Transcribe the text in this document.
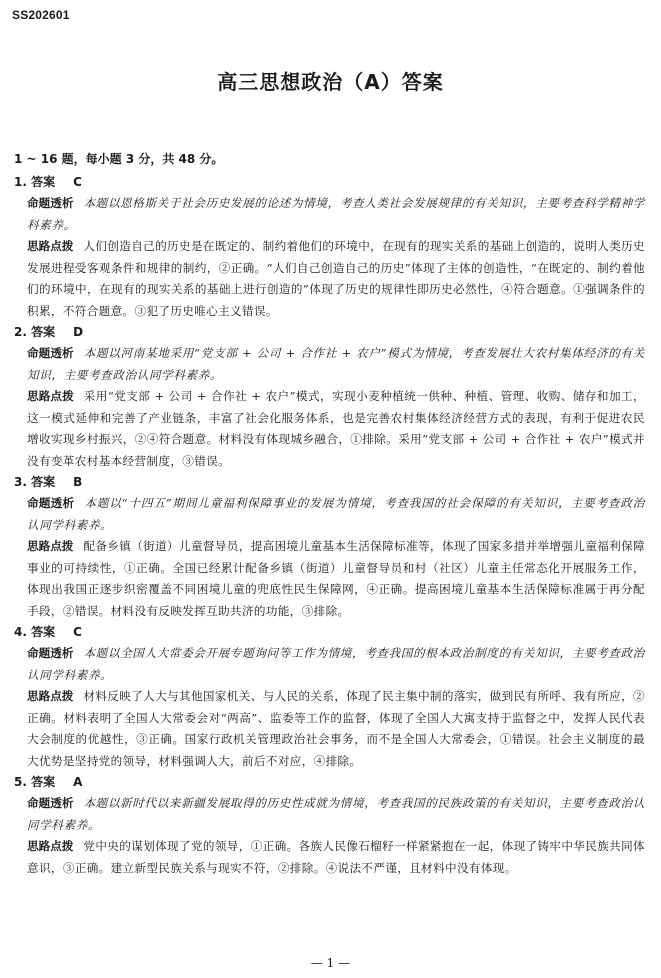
SS202601
高三思想政治（A）答案
1 ~ 16 题，每小题 3 分，共 48 分。
1. 答案 C
命题透析 本题以恩格斯关于社会历史发展的论述为情境，考查人类社会发展规律的有关知识，主要考查科学精神学科素养。
思路点拨 人们创造自己的历史是在既定的、制约着他们的环境中，在现有的现实关系的基础上创造的，说明人类历史发展进程受客观条件和规律的制约，②正确。“人们自己创造自己的历史”体现了主体的创造性，“在既定的、制约着他们的环境中，在现有的现实关系的基础上进行创造的”体现了历史的规律性即历史必然性，④符合题意。①强调条件的积累，不符合题意。③犯了历史唯心主义错误。
2. 答案 D
命题透析 本题以河南某地采用“党支部 + 公司 + 合作社 + 农户”模式为情境，考查发展壮大农村集体经济的有关知识，主要考查政治认同学科素养。
思路点拨 采用“党支部 + 公司 + 合作社 + 农户”模式，实现小麦种植统一供种、种植、管理、收购、储存和加工，这一模式延伸和完善了产业链条，丰富了社会化服务体系，也是完善农村集体经济经营方式的表现，有利于促进农民增收实现乡村振兴，②④符合题意。材料没有体现城乡融合，①排除。采用“党支部 + 公司 + 合作社 + 农户”模式并没有变革农村基本经营制度，③错误。
3. 答案 B
命题透析 本题以“十四五”期间儿童福利保障事业的发展为情境，考查我国的社会保障的有关知识，主要考查政治认同学科素养。
思路点拨 配备乡镇（街道）儿童督导员，提高困境儿童基本生活保障标准等，体现了国家多措并举增强儿童福利保障事业的可持续性，①正确。全国已经累计配备乡镇（街道）儿童督导员和村（社区）儿童主任常态化开展服务工作，体现出我国正逐步织密覆盖不同困境儿童的兜底性民生保障网，④正确。提高困境儿童基本生活保障标准属于再分配手段，②错误。材料没有反映发挥互助共济的功能，③排除。
4. 答案 C
命题透析 本题以全国人大常委会开展专题询问等工作为情境，考查我国的根本政治制度的有关知识，主要考查政治认同学科素养。
思路点拨 材料反映了人大与其他国家机关、与人民的关系，体现了民主集中制的落实，做到民有所呼、我有所应，②正确。材料表明了全国人大常委会对“两高”、监委等工作的监督，体现了全国人大寓支持于监督之中，发挥人民代表大会制度的优越性，③正确。国家行政机关管理政治社会事务，而不是全国人大常委会，①错误。社会主义制度的最大优势是坚持党的领导，材料强调人大，前后不对应，④排除。
5. 答案 A
命题透析 本题以新时代以来新疆发展取得的历史性成就为情境，考查我国的民族政策的有关知识，主要考查政治认同学科素养。
思路点拨 党中央的谋划体现了党的领导，①正确。各族人民像石榴籽一样紧紧抱在一起，体现了铸牢中华民族共同体意识，③正确。建立新型民族关系与现实不符，②排除。④说法不严谨，且材料中没有体现。
— 1 —
